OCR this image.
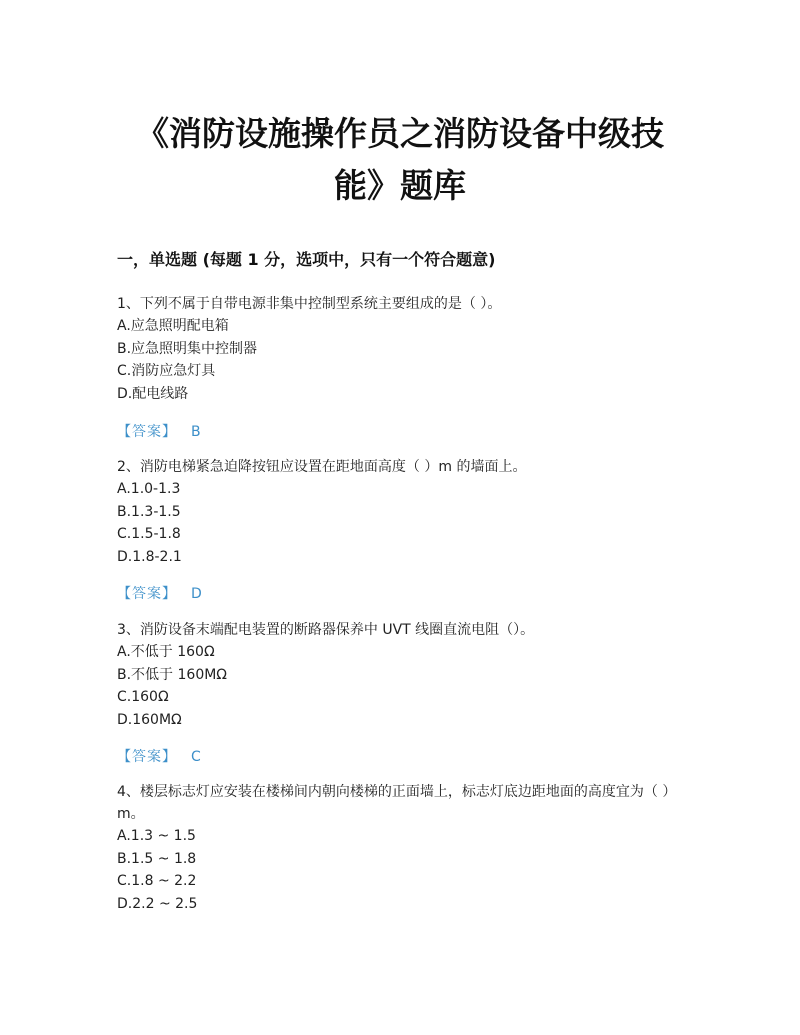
《消防设施操作员之消防设备中级技
能》题库
一，单选题 (每题 1 分，选项中，只有一个符合题意)
1、下列不属于自带电源非集中控制型系统主要组成的是（ ）。
A.应急照明配电箱
B.应急照明集中控制器
C.消防应急灯具
D.配电线路
【答案】 B
2、消防电梯紧急迫降按钮应设置在距地面高度（ ）m 的墙面上。
A.1.0-1.3
B.1.3-1.5
C.1.5-1.8
D.1.8-2.1
【答案】 D
3、消防设备末端配电装置的断路器保养中 UVT 线圈直流电阻（）。
A.不低于 160Ω
B.不低于 160MΩ
C.160Ω
D.160MΩ
【答案】 C
4、楼层标志灯应安装在楼梯间内朝向楼梯的正面墙上，标志灯底边距地面的高度宜为（ ）m。
A.1.3 ~ 1.5
B.1.5 ~ 1.8
C.1.8 ~ 2.2
D.2.2 ~ 2.5
